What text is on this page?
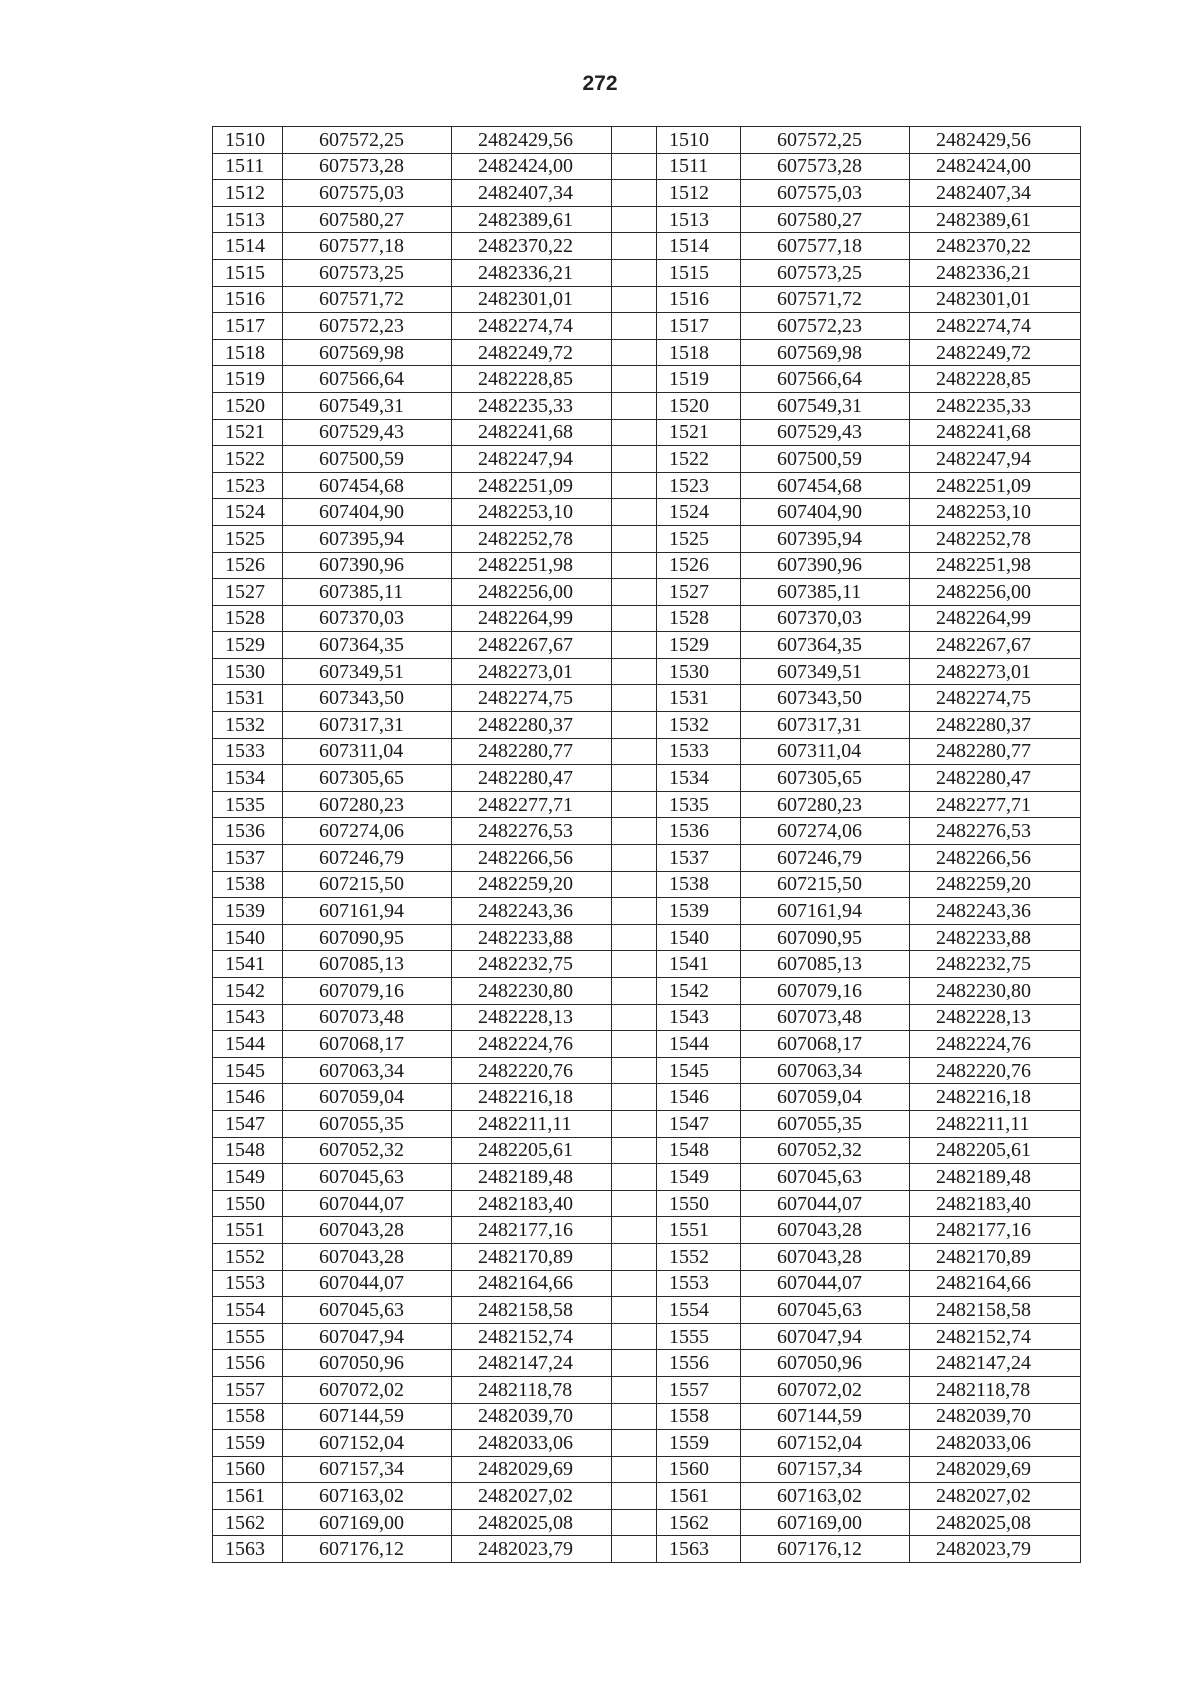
272
1510	607572,25	2482429,56		1510	607572,25	2482429,56
1511	607573,28	2482424,00		1511	607573,28	2482424,00
1512	607575,03	2482407,34		1512	607575,03	2482407,34
1513	607580,27	2482389,61		1513	607580,27	2482389,61
1514	607577,18	2482370,22		1514	607577,18	2482370,22
1515	607573,25	2482336,21		1515	607573,25	2482336,21
1516	607571,72	2482301,01		1516	607571,72	2482301,01
1517	607572,23	2482274,74		1517	607572,23	2482274,74
1518	607569,98	2482249,72		1518	607569,98	2482249,72
1519	607566,64	2482228,85		1519	607566,64	2482228,85
1520	607549,31	2482235,33		1520	607549,31	2482235,33
1521	607529,43	2482241,68		1521	607529,43	2482241,68
1522	607500,59	2482247,94		1522	607500,59	2482247,94
1523	607454,68	2482251,09		1523	607454,68	2482251,09
1524	607404,90	2482253,10		1524	607404,90	2482253,10
1525	607395,94	2482252,78		1525	607395,94	2482252,78
1526	607390,96	2482251,98		1526	607390,96	2482251,98
1527	607385,11	2482256,00		1527	607385,11	2482256,00
1528	607370,03	2482264,99		1528	607370,03	2482264,99
1529	607364,35	2482267,67		1529	607364,35	2482267,67
1530	607349,51	2482273,01		1530	607349,51	2482273,01
1531	607343,50	2482274,75		1531	607343,50	2482274,75
1532	607317,31	2482280,37		1532	607317,31	2482280,37
1533	607311,04	2482280,77		1533	607311,04	2482280,77
1534	607305,65	2482280,47		1534	607305,65	2482280,47
1535	607280,23	2482277,71		1535	607280,23	2482277,71
1536	607274,06	2482276,53		1536	607274,06	2482276,53
1537	607246,79	2482266,56		1537	607246,79	2482266,56
1538	607215,50	2482259,20		1538	607215,50	2482259,20
1539	607161,94	2482243,36		1539	607161,94	2482243,36
1540	607090,95	2482233,88		1540	607090,95	2482233,88
1541	607085,13	2482232,75		1541	607085,13	2482232,75
1542	607079,16	2482230,80		1542	607079,16	2482230,80
1543	607073,48	2482228,13		1543	607073,48	2482228,13
1544	607068,17	2482224,76		1544	607068,17	2482224,76
1545	607063,34	2482220,76		1545	607063,34	2482220,76
1546	607059,04	2482216,18		1546	607059,04	2482216,18
1547	607055,35	2482211,11		1547	607055,35	2482211,11
1548	607052,32	2482205,61		1548	607052,32	2482205,61
1549	607045,63	2482189,48		1549	607045,63	2482189,48
1550	607044,07	2482183,40		1550	607044,07	2482183,40
1551	607043,28	2482177,16		1551	607043,28	2482177,16
1552	607043,28	2482170,89		1552	607043,28	2482170,89
1553	607044,07	2482164,66		1553	607044,07	2482164,66
1554	607045,63	2482158,58		1554	607045,63	2482158,58
1555	607047,94	2482152,74		1555	607047,94	2482152,74
1556	607050,96	2482147,24		1556	607050,96	2482147,24
1557	607072,02	2482118,78		1557	607072,02	2482118,78
1558	607144,59	2482039,70		1558	607144,59	2482039,70
1559	607152,04	2482033,06		1559	607152,04	2482033,06
1560	607157,34	2482029,69		1560	607157,34	2482029,69
1561	607163,02	2482027,02		1561	607163,02	2482027,02
1562	607169,00	2482025,08		1562	607169,00	2482025,08
1563	607176,12	2482023,79		1563	607176,12	2482023,79
